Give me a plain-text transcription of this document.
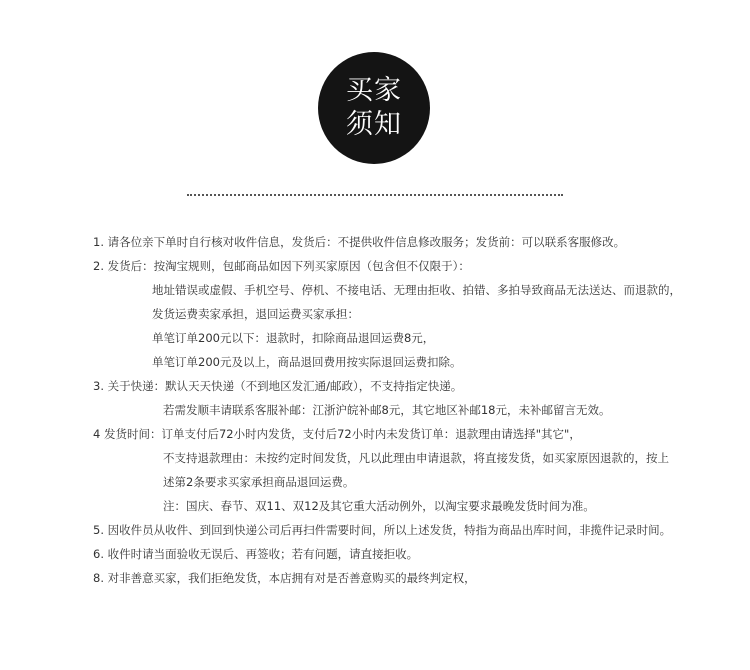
买家
须知
1. 请各位亲下单时自行核对收件信息，发货后：不提供收件信息修改服务；发货前：可以联系客服修改。
2. 发货后：按淘宝规则，包邮商品如因下列买家原因（包含但不仅限于）：
地址错误或虚假、手机空号、停机、不接电话、无理由拒收、拍错、多拍导致商品无法送达、而退款的，
发货运费卖家承担，退回运费买家承担：
单笔订单200元以下：退款时，扣除商品退回运费8元，
单笔订单200元及以上，商品退回费用按实际退回运费扣除。
3. 关于快递：默认天天快递（不到地区发汇通/邮政），不支持指定快递。
若需发顺丰请联系客服补邮：江浙沪皖补邮8元，其它地区补邮18元，未补邮留言无效。
4 发货时间：订单支付后72小时内发货，支付后72小时内未发货订单：退款理由请选择"其它"，
不支持退款理由：未按约定时间发货，凡以此理由申请退款，将直接发货，如买家原因退款的，按上
述第2条要求买家承担商品退回运费。
注：国庆、春节、双11、双12及其它重大活动例外，以淘宝要求最晚发货时间为准。
5. 因收件员从收件、到回到快递公司后再扫件需要时间，所以上述发货，特指为商品出库时间，非揽件记录时间。
6. 收件时请当面验收无误后、再签收；若有问题，请直接拒收。
8. 对非善意买家，我们拒绝发货，本店拥有对是否善意购买的最终判定权，
